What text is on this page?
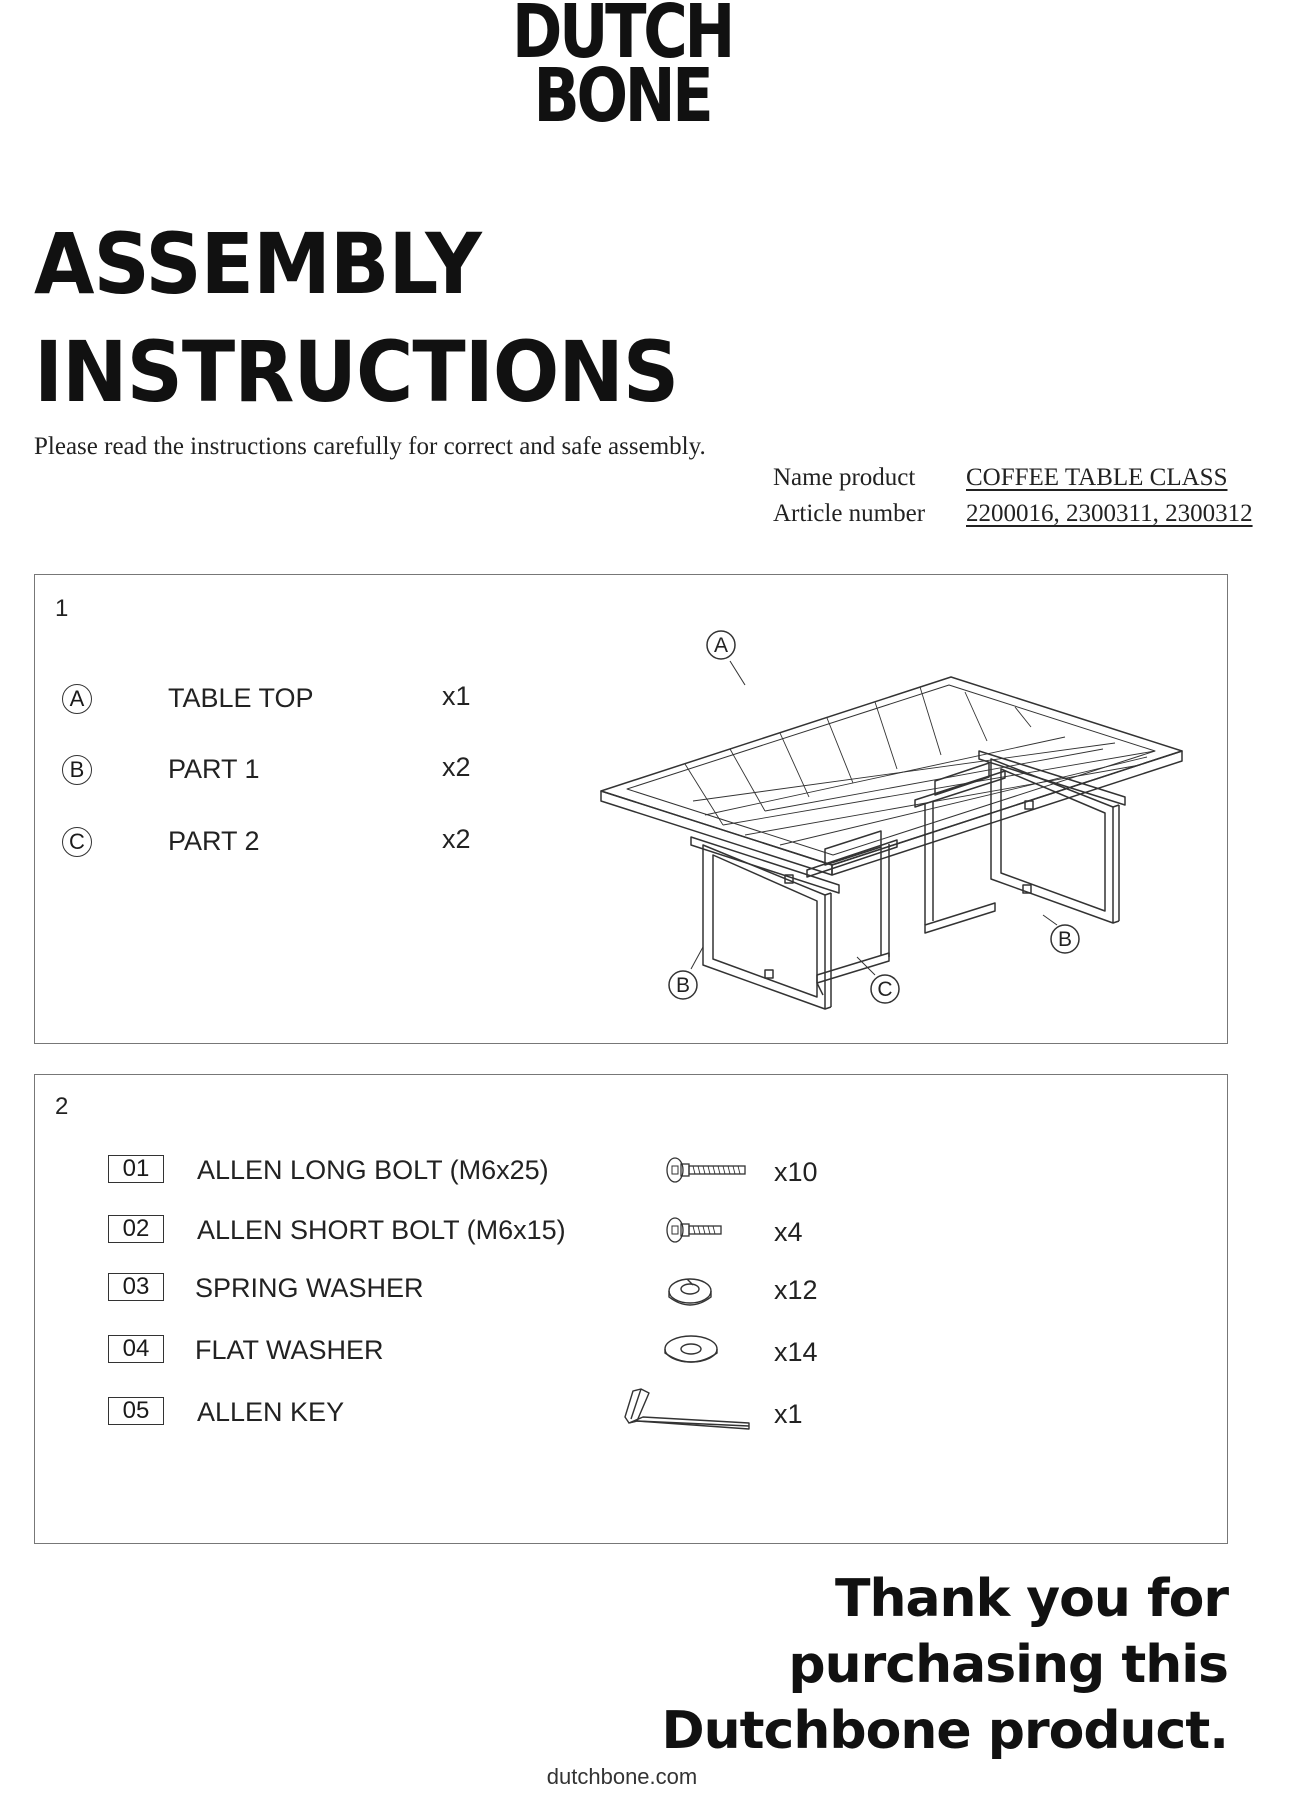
DUTCH
BONE
ASSEMBLY
INSTRUCTIONS
Please read the instructions carefully for correct and safe assembly.
Name product	COFFEE TABLE CLASS
Article number	2200016, 2300311, 2300312
1
A	TABLE TOP	x1
B	PART 1	x2
C	PART 2	x2
A
B	C
B
2
01	ALLEN LONG BOLT (M6x25)	x10
02	ALLEN SHORT BOLT (M6x15)	x4
03	SPRING WASHER	x12
04	FLAT WASHER	x14
05	ALLEN KEY	x1
Thank you for
purchasing this
Dutchbone product.
dutchbone.com
